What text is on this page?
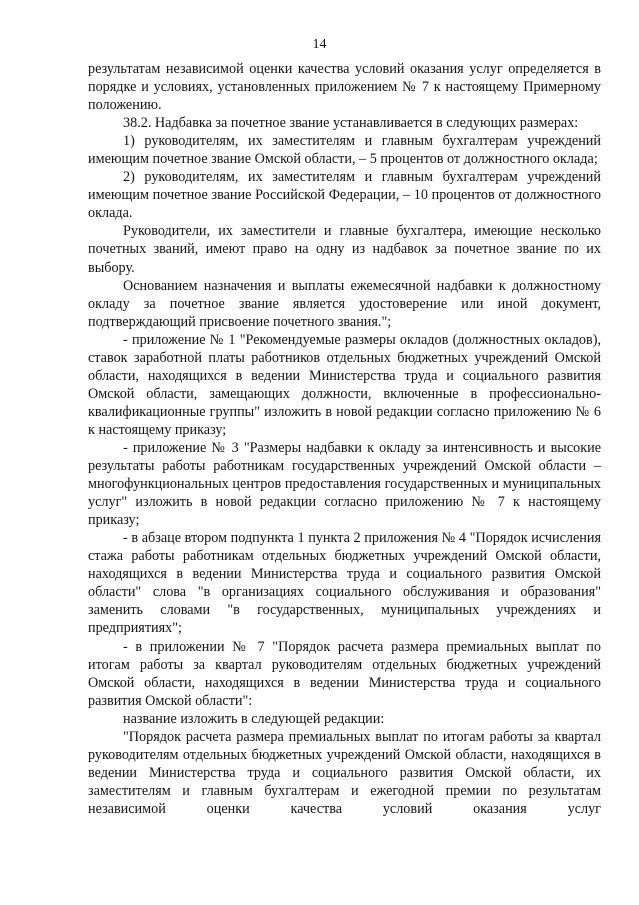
14

результатам независимой оценки качества условий оказания услуг определяется в порядке и условиях, установленных приложением № 7 к настоящему Примерному положению.

38.2. Надбавка за почетное звание устанавливается в следующих размерах:

1) руководителям, их заместителям и главным бухгалтерам учреждений имеющим почетное звание Омской области, – 5 процентов от должностного оклада;

2) руководителям, их заместителям и главным бухгалтерам учреждений имеющим почетное звание Российской Федерации, – 10 процентов от должностного оклада.

Руководители, их заместители и главные бухгалтера, имеющие несколько почетных званий, имеют право на одну из надбавок за почетное звание по их выбору.

Основанием назначения и выплаты ежемесячной надбавки к должностному окладу за почетное звание является удостоверение или иной документ, подтверждающий присвоение почетного звания.";

- приложение № 1 "Рекомендуемые размеры окладов (должностных окладов), ставок заработной платы работников отдельных бюджетных учреждений Омской области, находящихся в ведении Министерства труда и социального развития Омской области, замещающих должности, включенные в профессионально-квалификационные группы" изложить в новой редакции согласно приложению № 6 к настоящему приказу;

- приложение № 3 "Размеры надбавки к окладу за интенсивность и высокие результаты работы работникам государственных учреждений Омской области – многофункциональных центров предоставления государственных и муниципальных услуг" изложить в новой редакции согласно приложению № 7 к настоящему приказу;

- в абзаце втором подпункта 1 пункта 2 приложения № 4 "Порядок исчисления стажа работы работникам отдельных бюджетных учреждений Омской области, находящихся в ведении Министерства труда и социального развития Омской области" слова "в организациях социального обслуживания и образования" заменить словами "в государственных, муниципальных учреждениях и предприятиях";

- в приложении № 7 "Порядок расчета размера премиальных выплат по итогам работы за квартал руководителям отдельных бюджетных учреждений Омской области, находящихся в ведении Министерства труда и социального развития Омской области":

название изложить в следующей редакции:

"Порядок расчета размера премиальных выплат по итогам работы за квартал руководителям отдельных бюджетных учреждений Омской области, находящихся в ведении Министерства труда и социального развития Омской области, их заместителям и главным бухгалтерам и ежегодной премии по результатам независимой оценки качества условий оказания услуг
